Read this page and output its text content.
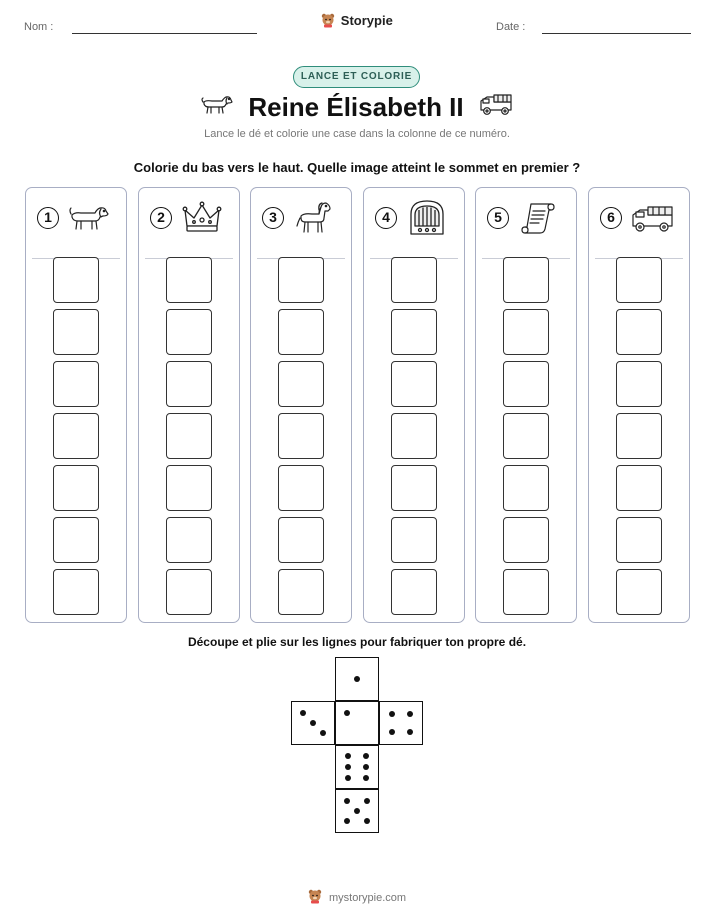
Nom :	Storypie	Date :
LANCE ET COLORIE
Reine Élisabeth II
Lance le dé et colorie une case dans la colonne de ce numéro.
Colorie du bas vers le haut. Quelle image atteint le sommet en premier ?
1	2	3	4	5	6
Découpe et plie sur les lignes pour fabriquer ton propre dé.
mystorypie.com
